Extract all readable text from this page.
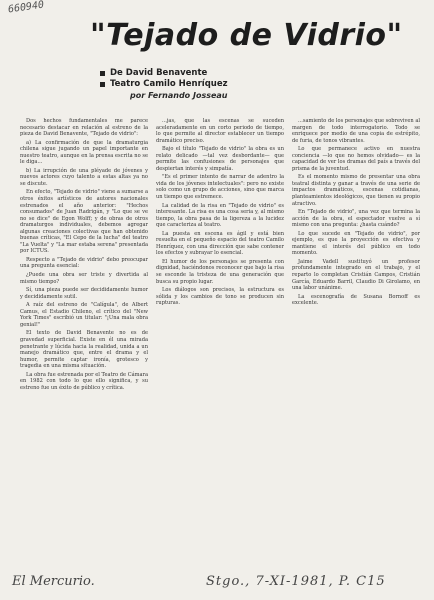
660940
"Tejado de Vidrio"
De David Benavente
Teatro Camilo Henríquez
por Fernando Josseau

Dos hechos fundamentales me parece necesario destacar en relación al estreno de la pieza de David Benavente, "Tejado de vidrio":

a) La confirmación de que la dramaturgia chilena sigue jugando un papel importante en nuestro teatro, aunque en la prensa escrita no se le diga...

b) La irrupción de una pléyade de jóvenes y nuevos actores cuyo talento a estas altas ya no se discute.

En efecto, "Tejado de vidrio" viene a sumarse a otros éxitos artísticos de autores nacionales estrenados el año anterior: "Hechos consumados" de Juan Radrigán, y "Lo que se ve no se dice" de Egon Wolff; y de obras de otros dramaturgos individuales, debemos agregar algunas creaciones colectivas que han obtenido buenas críticas, "El Cepo de la lucha" del teatro "La Vuelta" y "La mar estaba serena" presentada por ICTUS.

Respecto a "Tejado de vidrio" debo preocupar una pregunta esencial:

¿Puede una obra ser triste y divertida al mismo tiempo?

Sí, una pieza puede ser decididamente humor y decididamente sutil.

A raíz del estreno de "Calígula", de Albert Camus, el Estadio Chileno, el crítico del "New York Times" escribió un titular: "¡Una mala obra genial!"

El texto de David Benavente no es de gravedad superficial. Existe en él una mirada penetrante y lúcida hacia la realidad, unida a un manejo dramático que, entre el drama y el humor, permite captar ironía, grotesco y tragedia en una misma situación.

La obra fue estrenada por el Teatro de Cámara en 1982 con todo lo que ello significa, y su estreno fue un éxito de público y crítica.

...jas, que las escenas se suceden aceleradamente en un corto periodo de tiempo, lo que permite al director establecer un tiempo dramático preciso.

Bajo el título "Tejado de vidrio" la obra es un relato delicado —tal vez desbordante— que permite las confusiones de personajes que despiertan interés y simpatía.

"Es el primer intento de narrar de adentro la vida de los jóvenes intelectuales": pero no existe solo como un grupo de acciones, sino que marca un tiempo que estremece.

La calidad de la risa en "Tejado de vidrio" es interesante. La risa es una cosa seria y, al mismo tiempo, la obra pasa de la ligereza a la lucidez que caracteriza al teatro.

La puesta en escena es ágil y está bien resuelta en el pequeño espacio del teatro Camilo Henríquez, con una dirección que sabe contener los efectos y subrayar lo esencial.

El humor de los personajes se presenta con dignidad, haciéndonos reconocer que bajo la risa se esconde la tristeza de una generación que busca su propio lugar.

Los diálogos son precisos, la estructura es sólida y los cambios de tono se producen sin rupturas.

...samiento de los personajes que sobreviven al margen de todo interrogatorio. Todo se enriquece por medio de una copia de estrépito, de furia, de tonos vibrantes.

Lo que permanece activo en nuestra conciencia —lo que no hemos olvidado— es la capacidad de ver los dramas del país a través del prisma de la juventud.

Es el momento mismo de presentar una obra teatral distinta y ganar a través de una serie de impactos dramáticos, escenas cotidianas, planteamientos ideológicos, que tienen su propio atractivo.

En "Tejado de vidrio", una vez que termina la acción de la obra, el espectador vuelve a sí mismo con una pregunta: ¿hasta cuándo?

Lo que sucede en "Tejado de vidrio", por ejemplo, es que la proyección es efectiva y mantiene el interés del público en todo momento.

Jaime Vadell sustituyó un profesor profundamente integrado en el trabajo, y el reparto lo completan Cristián Campos, Cristián García, Eduardo Barril, Claudio Di Girolamo, en una labor unánime.

La escenografía de Susana Bornoff es excelente.

El Mercurio.	Stgo., 7-XI-1981, P. C15
